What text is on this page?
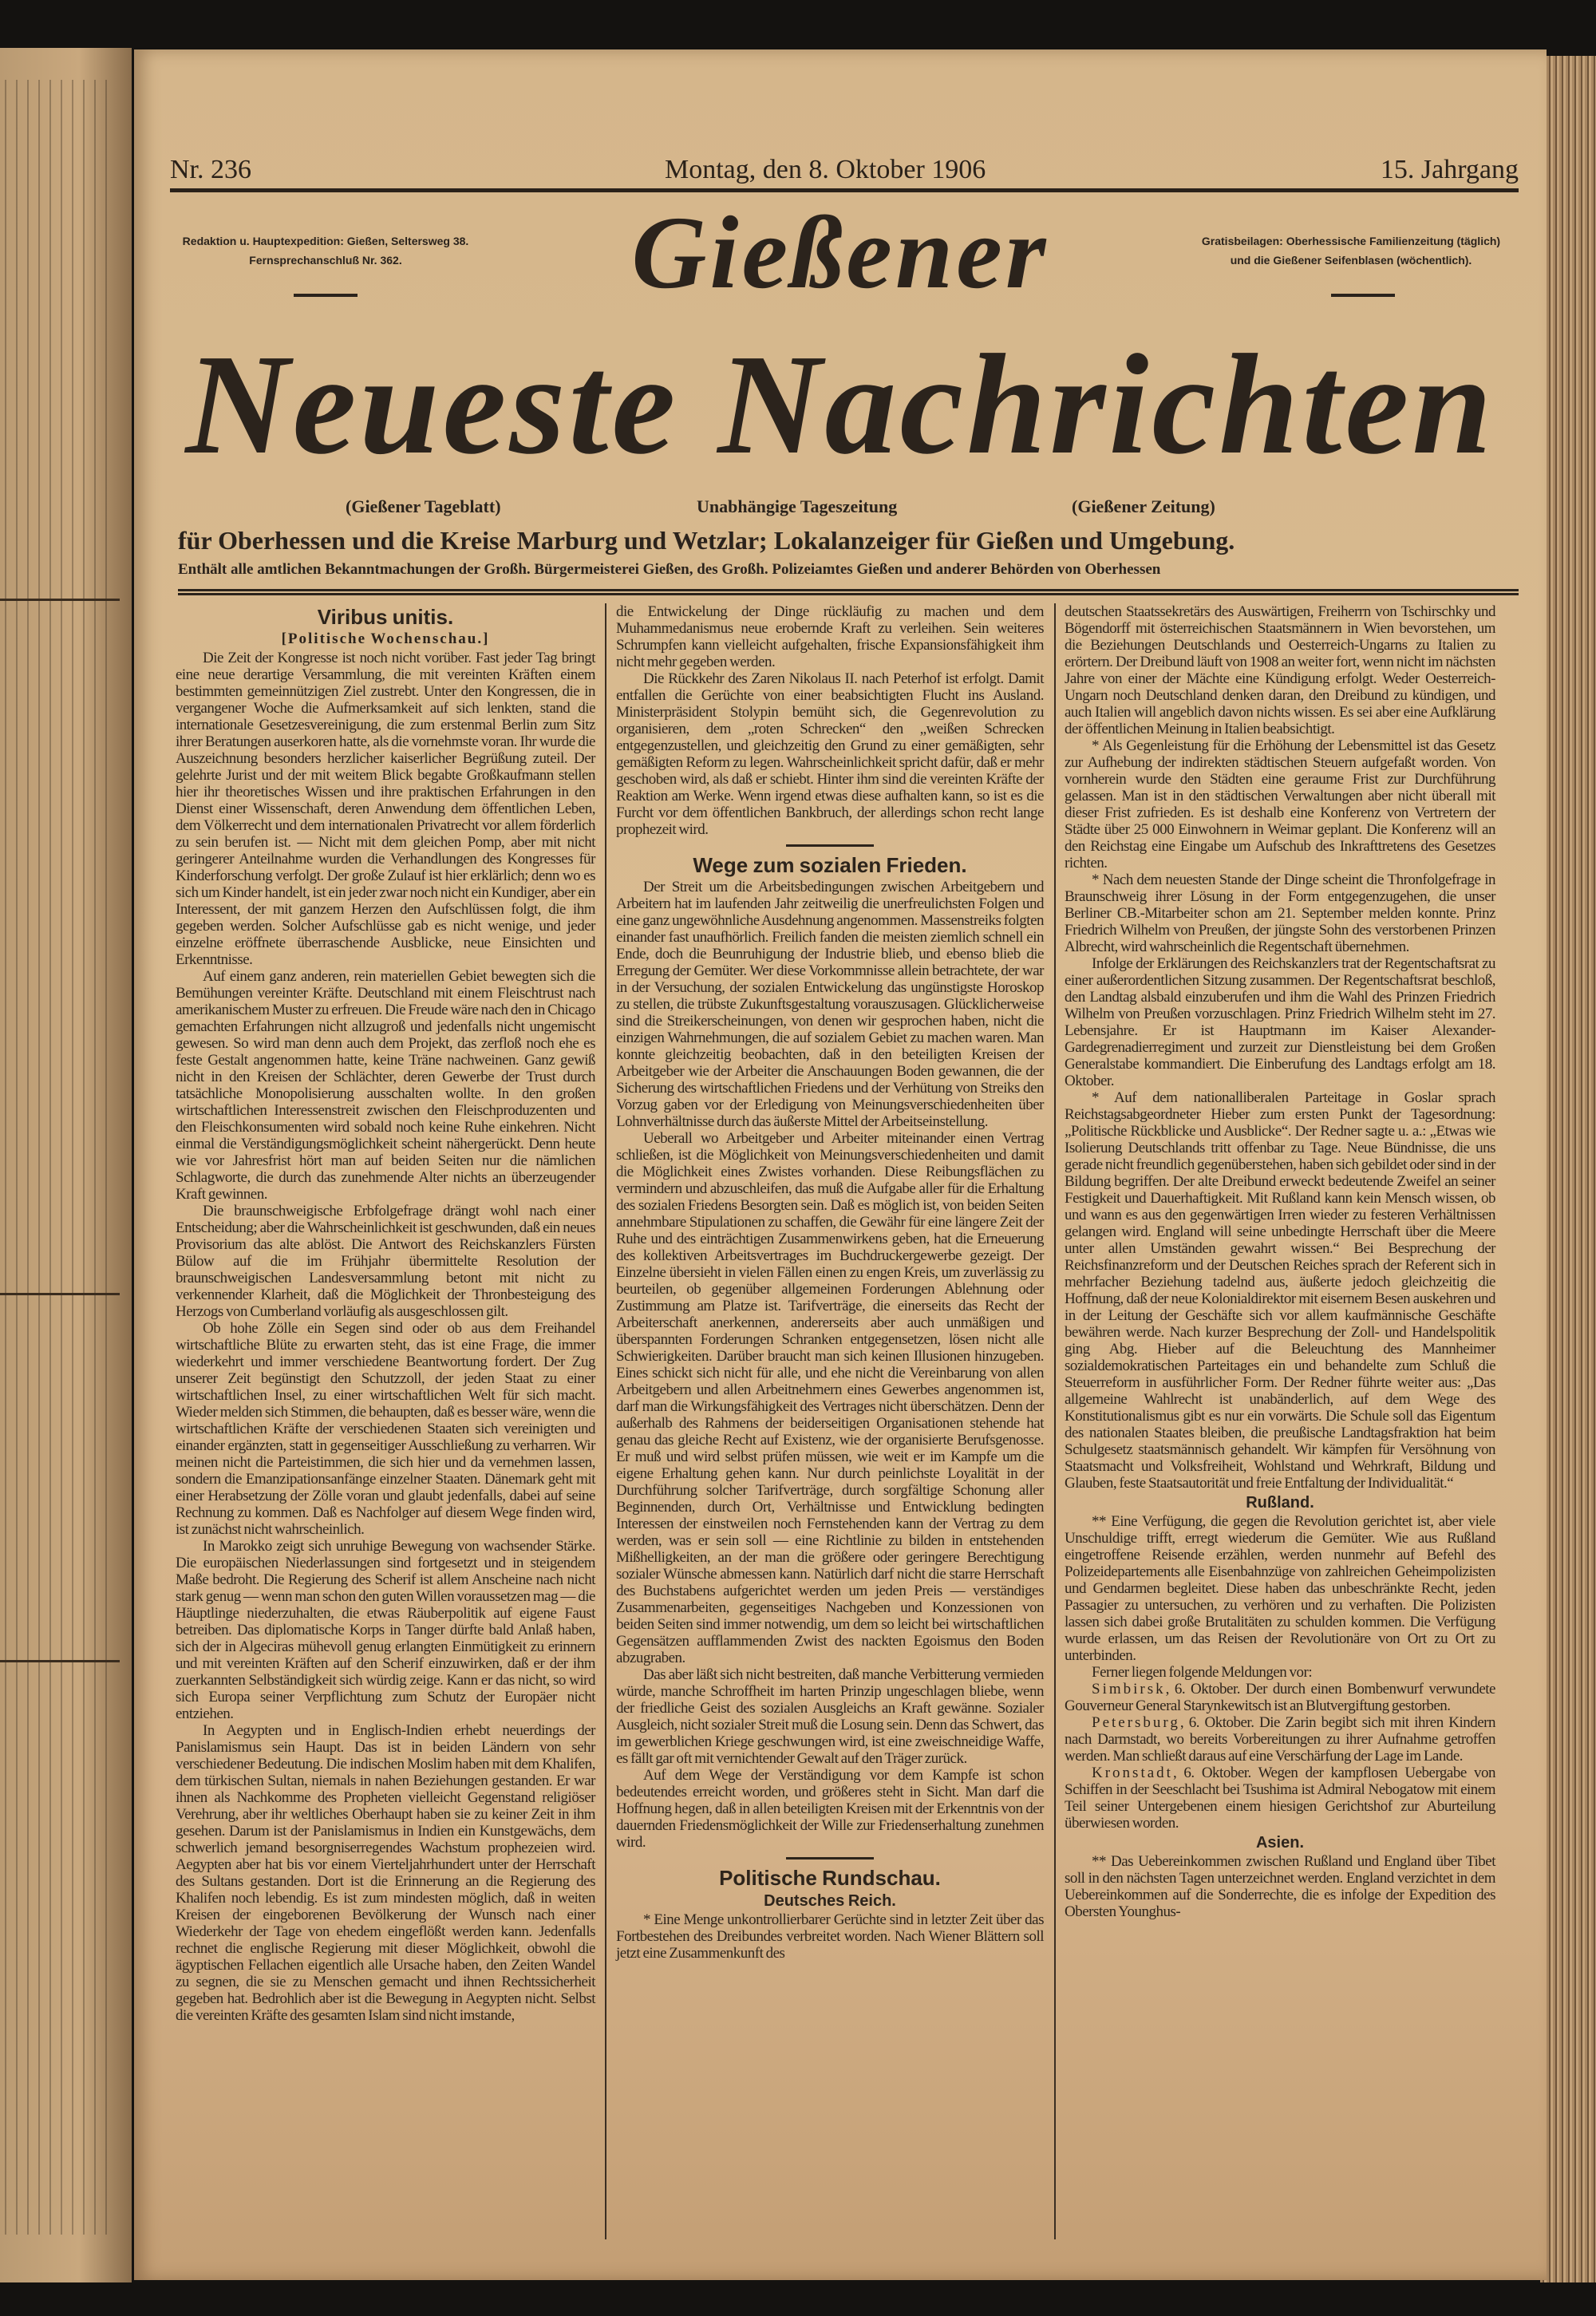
Nr. 236	Montag, den 8. Oktober 1906	15. Jahrgang
Redaktion u. Hauptexpedition: Gießen, Seltersweg 38.
Fernsprechanschluß Nr. 362.	Gießener	Gratisbeilagen: Oberhessische Familienzeitung (täglich)
und die Gießener Seifenblasen (wöchentlich).
Neueste Nachrichten
(Gießener Tageblatt)	Unabhängige Tageszeitung	(Gießener Zeitung)
für Oberhessen und die Kreise Marburg und Wetzlar; Lokalanzeiger für Gießen und Umgebung.
Enthält alle amtlichen Bekanntmachungen der Großh. Bürgermeisterei Gießen, des Großh. Polizeiamtes Gießen und anderer Behörden von Oberhessen
Viribus unitis.
[Politische Wochenschau.]

Die Zeit der Kongresse ist noch nicht vorüber. Fast jeder Tag bringt eine neue derartige Versammlung, die mit vereinten Kräften einem bestimmten gemeinnützigen Ziel zustrebt. Unter den Kongressen, die in vergangener Woche die Aufmerksamkeit auf sich lenkten, stand die internationale Gesetzesvereinigung, die zum erstenmal Berlin zum Sitz ihrer Beratungen auserkoren hatte, als die vornehmste voran. Ihr wurde die Auszeichnung besonders herzlicher kaiserlicher Begrüßung zuteil. Der gelehrte Jurist und der mit weitem Blick begabte Großkaufmann stellen hier ihr theoretisches Wissen und ihre praktischen Erfahrungen in den Dienst einer Wissenschaft, deren Anwendung dem öffentlichen Leben, dem Völkerrecht und dem internationalen Privatrecht vor allem förderlich zu sein berufen ist. — Nicht mit dem gleichen Pomp, aber mit nicht geringerer Anteilnahme wurden die Verhandlungen des Kongresses für Kinderforschung verfolgt. Der große Zulauf ist hier erklärlich; denn wo es sich um Kinder handelt, ist ein jeder zwar noch nicht ein Kundiger, aber ein Interessent, der mit ganzem Herzen den Aufschlüssen folgt, die ihm gegeben werden. Solcher Aufschlüsse gab es nicht wenige, und jeder einzelne eröffnete überraschende Ausblicke, neue Einsichten und Erkenntnisse.

Auf einem ganz anderen, rein materiellen Gebiet bewegten sich die Bemühungen vereinter Kräfte. Deutschland mit einem Fleischtrust nach amerikanischem Muster zu erfreuen. Die Freude wäre nach den in Chicago gemachten Erfahrungen nicht allzugroß und jedenfalls nicht ungemischt gewesen. So wird man denn auch dem Projekt, das zerfloß noch ehe es feste Gestalt angenommen hatte, keine Träne nachweinen. Ganz gewiß nicht in den Kreisen der Schlächter, deren Gewerbe der Trust durch tatsächliche Monopolisierung ausschalten wollte. In den großen wirtschaftlichen Interessenstreit zwischen den Fleischproduzenten und den Fleischkonsumenten wird sobald noch keine Ruhe einkehren. Nicht einmal die Verständigungsmöglichkeit scheint nähergerückt. Denn heute wie vor Jahresfrist hört man auf beiden Seiten nur die nämlichen Schlagworte, die durch das zunehmende Alter nichts an überzeugender Kraft gewinnen.

Die braunschweigische Erbfolgefrage drängt wohl nach einer Entscheidung; aber die Wahrscheinlichkeit ist geschwunden, daß ein neues Provisorium das alte ablöst. Die Antwort des Reichskanzlers Fürsten Bülow auf die im Frühjahr übermittelte Resolution der braunschweigischen Landesversammlung betont mit nicht zu verkennender Klarheit, daß die Möglichkeit der Thronbesteigung des Herzogs von Cumberland vorläufig als ausgeschlossen gilt.

Ob hohe Zölle ein Segen sind oder ob aus dem Freihandel wirtschaftliche Blüte zu erwarten steht, das ist eine Frage, die immer wiederkehrt und immer verschiedene Beantwortung fordert. Der Zug unserer Zeit begünstigt den Schutzzoll, der jeden Staat zu einer wirtschaftlichen Insel, zu einer wirtschaftlichen Welt für sich macht. Wieder melden sich Stimmen, die behaupten, daß es besser wäre, wenn die wirtschaftlichen Kräfte der verschiedenen Staaten sich vereinigten und einander ergänzten, statt in gegenseitiger Ausschließung zu verharren. Wir meinen nicht die Parteistimmen, die sich hier und da vernehmen lassen, sondern die Emanzipationsanfänge einzelner Staaten. Dänemark geht mit einer Herabsetzung der Zölle voran und glaubt jedenfalls, dabei auf seine Rechnung zu kommen. Daß es Nachfolger auf diesem Wege finden wird, ist zunächst nicht wahrscheinlich.

In Marokko zeigt sich unruhige Bewegung von wachsender Stärke. Die europäischen Niederlassungen sind fortgesetzt und in steigendem Maße bedroht. Die Regierung des Scherif ist allem Anscheine nach nicht stark genug — wenn man schon den guten Willen voraussetzen mag — die Häuptlinge niederzuhalten, die etwas Räuberpolitik auf eigene Faust betreiben. Das diplomatische Korps in Tanger dürfte bald Anlaß haben, sich der in Algeciras mühevoll genug erlangten Einmütigkeit zu erinnern und mit vereinten Kräften auf den Scherif einzuwirken, daß er der ihm zuerkannten Selbständigkeit sich würdig zeige. Kann er das nicht, so wird sich Europa seiner Verpflichtung zum Schutz der Europäer nicht entziehen.

In Aegypten und in Englisch-Indien erhebt neuerdings der Panislamismus sein Haupt. Das ist in beiden Ländern von sehr verschiedener Bedeutung. Die indischen Moslim haben mit dem Khalifen, dem türkischen Sultan, niemals in nahen Beziehungen gestanden. Er war ihnen als Nachkomme des Propheten vielleicht Gegenstand religiöser Verehrung, aber ihr weltliches Oberhaupt haben sie zu keiner Zeit in ihm gesehen. Darum ist der Panislamismus in Indien ein Kunstgewächs, dem schwerlich jemand besorgniserregendes Wachstum prophezeien wird. Aegypten aber hat bis vor einem Vierteljahrhundert unter der Herrschaft des Sultans gestanden. Dort ist die Erinnerung an die Regierung des Khalifen noch lebendig. Es ist zum mindesten möglich, daß in weiten Kreisen der eingeborenen Bevölkerung der Wunsch nach einer Wiederkehr der Tage von ehedem eingeflößt werden kann. Jedenfalls rechnet die englische Regierung mit dieser Möglichkeit, obwohl die ägyptischen Fellachen eigentlich alle Ursache haben, den Zeiten Wandel zu segnen, die sie zu Menschen gemacht und ihnen Rechtssicherheit gegeben hat. Bedrohlich aber ist die Bewegung in Aegypten nicht. Selbst die vereinten Kräfte des gesamten Islam sind nicht imstande,

die Entwickelung der Dinge rückläufig zu machen und dem Muhammedanismus neue erobernde Kraft zu verleihen. Sein weiteres Schrumpfen kann vielleicht aufgehalten, frische Expansionsfähigkeit ihm nicht mehr gegeben werden.

Die Rückkehr des Zaren Nikolaus II. nach Peterhof ist erfolgt. Damit entfallen die Gerüchte von einer beabsichtigten Flucht ins Ausland. Ministerpräsident Stolypin bemüht sich, die Gegenrevolution zu organisieren, dem „roten Schrecken“ den „weißen Schrecken entgegenzustellen, und gleichzeitig den Grund zu einer gemäßigten, sehr gemäßigten Reform zu legen. Wahrscheinlichkeit spricht dafür, daß er mehr geschoben wird, als daß er schiebt. Hinter ihm sind die vereinten Kräfte der Reaktion am Werke. Wenn irgend etwas diese aufhalten kann, so ist es die Furcht vor dem öffentlichen Bankbruch, der allerdings schon recht lange prophezeit wird.

Wege zum sozialen Frieden.

Der Streit um die Arbeitsbedingungen zwischen Arbeitgebern und Arbeitern hat im laufenden Jahr zeitweilig die unerfreulichsten Folgen und eine ganz ungewöhnliche Ausdehnung angenommen. Massenstreiks folgten einander fast unaufhörlich. Freilich fanden die meisten ziemlich schnell ein Ende, doch die Beunruhigung der Industrie blieb, und ebenso blieb die Erregung der Gemüter. Wer diese Vorkommnisse allein betrachtete, der war in der Versuchung, der sozialen Entwickelung das ungünstigste Horoskop zu stellen, die trübste Zukunftsgestaltung vorauszusagen. Glücklicherweise sind die Streikerscheinungen, von denen wir gesprochen haben, nicht die einzigen Wahrnehmungen, die auf sozialem Gebiet zu machen waren. Man konnte gleichzeitig beobachten, daß in den beteiligten Kreisen der Arbeitgeber wie der Arbeiter die Anschauungen Boden gewannen, die der Sicherung des wirtschaftlichen Friedens und der Verhütung von Streiks den Vorzug gaben vor der Erledigung von Meinungsverschiedenheiten über Lohnverhältnisse durch das äußerste Mittel der Arbeitseinstellung.

Ueberall wo Arbeitgeber und Arbeiter miteinander einen Vertrag schließen, ist die Möglichkeit von Meinungsverschiedenheiten und damit die Möglichkeit eines Zwistes vorhanden. Diese Reibungsflächen zu vermindern und abzuschleifen, das muß die Aufgabe aller für die Erhaltung des sozialen Friedens Besorgten sein. Daß es möglich ist, von beiden Seiten annehmbare Stipulationen zu schaffen, die Gewähr für eine längere Zeit der Ruhe und des einträchtigen Zusammenwirkens geben, hat die Erneuerung des kollektiven Arbeitsvertrages im Buchdruckergewerbe gezeigt. Der Einzelne übersieht in vielen Fällen einen zu engen Kreis, um zuverlässig zu beurteilen, ob gegenüber allgemeinen Forderungen Ablehnung oder Zustimmung am Platze ist. Tarifverträge, die einerseits das Recht der Arbeiterschaft anerkennen, andererseits aber auch unmäßigen und überspannten Forderungen Schranken entgegensetzen, lösen nicht alle Schwierigkeiten. Darüber braucht man sich keinen Illusionen hinzugeben. Eines schickt sich nicht für alle, und ehe nicht die Vereinbarung von allen Arbeitgebern und allen Arbeitnehmern eines Gewerbes angenommen ist, darf man die Wirkungsfähigkeit des Vertrages nicht überschätzen. Denn der außerhalb des Rahmens der beiderseitigen Organisationen stehende hat genau das gleiche Recht auf Existenz, wie der organisierte Berufsgenosse. Er muß und wird selbst prüfen müssen, wie weit er im Kampfe um die eigene Erhaltung gehen kann. Nur durch peinlichste Loyalität in der Durchführung solcher Tarifverträge, durch sorgfältige Schonung aller Beginnenden, durch Ort, Verhältnisse und Entwicklung bedingten Interessen der einstweilen noch Fernstehenden kann der Vertrag zu dem werden, was er sein soll — eine Richtlinie zu bilden in entstehenden Mißhelligkeiten, an der man die größere oder geringere Berechtigung sozialer Wünsche abmessen kann. Natürlich darf nicht die starre Herrschaft des Buchstabens aufgerichtet werden um jeden Preis — verständiges Zusammenarbeiten, gegenseitiges Nachgeben und Konzessionen von beiden Seiten sind immer notwendig, um dem so leicht bei wirtschaftlichen Gegensätzen aufflammenden Zwist des nackten Egoismus den Boden abzugraben.

Das aber läßt sich nicht bestreiten, daß manche Verbitterung vermieden würde, manche Schroffheit im harten Prinzip ungeschlagen bliebe, wenn der friedliche Geist des sozialen Ausgleichs an Kraft gewänne. Sozialer Ausgleich, nicht sozialer Streit muß die Losung sein. Denn das Schwert, das im gewerblichen Kriege geschwungen wird, ist eine zweischneidige Waffe, es fällt gar oft mit vernichtender Gewalt auf den Träger zurück.

Auf dem Wege der Verständigung vor dem Kampfe ist schon bedeutendes erreicht worden, und größeres steht in Sicht. Man darf die Hoffnung hegen, daß in allen beteiligten Kreisen mit der Erkenntnis von der dauernden Friedensmöglichkeit der Wille zur Friedenserhaltung zunehmen wird.

Politische Rundschau.
Deutsches Reich.

* Eine Menge unkontrollierbarer Gerüchte sind in letzter Zeit über das Fortbestehen des Dreibundes verbreitet worden. Nach Wiener Blättern soll jetzt eine Zusammenkunft des

deutschen Staatssekretärs des Auswärtigen, Freiherrn von Tschirschky und Bögendorff mit österreichischen Staatsmännern in Wien bevorstehen, um die Beziehungen Deutschlands und Oesterreich-Ungarns zu Italien zu erörtern. Der Dreibund läuft von 1908 an weiter fort, wenn nicht im nächsten Jahre von einer der Mächte eine Kündigung erfolgt. Weder Oesterreich-Ungarn noch Deutschland denken daran, den Dreibund zu kündigen, und auch Italien will angeblich davon nichts wissen. Es sei aber eine Aufklärung der öffentlichen Meinung in Italien beabsichtigt.

* Als Gegenleistung für die Erhöhung der Lebensmittel ist das Gesetz zur Aufhebung der indirekten städtischen Steuern aufgefaßt worden. Von vornherein wurde den Städten eine geraume Frist zur Durchführung gelassen. Man ist in den städtischen Verwaltungen aber nicht überall mit dieser Frist zufrieden. Es ist deshalb eine Konferenz von Vertretern der Städte über 25 000 Einwohnern in Weimar geplant. Die Konferenz will an den Reichstag eine Eingabe um Aufschub des Inkrafttretens des Gesetzes richten.

* Nach dem neuesten Stande der Dinge scheint die Thronfolgefrage in Braunschweig ihrer Lösung in der Form entgegenzugehen, die unser Berliner CB.-Mitarbeiter schon am 21. September melden konnte. Prinz Friedrich Wilhelm von Preußen, der jüngste Sohn des verstorbenen Prinzen Albrecht, wird wahrscheinlich die Regentschaft übernehmen.

Infolge der Erklärungen des Reichskanzlers trat der Regentschaftsrat zu einer außerordentlichen Sitzung zusammen. Der Regentschaftsrat beschloß, den Landtag alsbald einzuberufen und ihm die Wahl des Prinzen Friedrich Wilhelm von Preußen vorzuschlagen. Prinz Friedrich Wilhelm steht im 27. Lebensjahre. Er ist Hauptmann im Kaiser Alexander-Gardegrenadierregiment und zurzeit zur Dienstleistung bei dem Großen Generalstabe kommandiert. Die Einberufung des Landtags erfolgt am 18. Oktober.

* Auf dem nationalliberalen Parteitage in Goslar sprach Reichstagsabgeordneter Hieber zum ersten Punkt der Tagesordnung: „Politische Rückblicke und Ausblicke“. Der Redner sagte u. a.: „Etwas wie Isolierung Deutschlands tritt offenbar zu Tage. Neue Bündnisse, die uns gerade nicht freundlich gegenüberstehen, haben sich gebildet oder sind in der Bildung begriffen. Der alte Dreibund erweckt bedeutende Zweifel an seiner Festigkeit und Dauerhaftigkeit. Mit Rußland kann kein Mensch wissen, ob und wann es aus den gegenwärtigen Irren wieder zu festeren Verhältnissen gelangen wird. England will seine unbedingte Herrschaft über die Meere unter allen Umständen gewahrt wissen.“ Bei Besprechung der Reichsfinanzreform und der Deutschen Reiches sprach der Referent sich in mehrfacher Beziehung tadelnd aus, äußerte jedoch gleichzeitig die Hoffnung, daß der neue Kolonialdirektor mit eisernem Besen auskehren und in der Leitung der Geschäfte sich vor allem kaufmännische Geschäfte bewähren werde. Nach kurzer Besprechung der Zoll- und Handelspolitik ging Abg. Hieber auf die Beleuchtung des Mannheimer sozialdemokratischen Parteitages ein und behandelte zum Schluß die Steuerreform in ausführlicher Form. Der Redner führte weiter aus: „Das allgemeine Wahlrecht ist unabänderlich, auf dem Wege des Konstitutionalismus gibt es nur ein vorwärts. Die Schule soll das Eigentum des nationalen Staates bleiben, die preußische Landtagsfraktion hat beim Schulgesetz staatsmännisch gehandelt. Wir kämpfen für Versöhnung von Staatsmacht und Volksfreiheit, Wohlstand und Wehrkraft, Bildung und Glauben, feste Staatsautorität und freie Entfaltung der Individualität.“

Rußland.

** Eine Verfügung, die gegen die Revolution gerichtet ist, aber viele Unschuldige trifft, erregt wiederum die Gemüter. Wie aus Rußland eingetroffene Reisende erzählen, werden nunmehr auf Befehl des Polizeidepartements alle Eisenbahnzüge von zahlreichen Geheimpolizisten und Gendarmen begleitet. Diese haben das unbeschränkte Recht, jeden Passagier zu untersuchen, zu verhören und zu verhaften. Die Polizisten lassen sich dabei große Brutalitäten zu schulden kommen. Die Verfügung wurde erlassen, um das Reisen der Revolutionäre von Ort zu Ort zu unterbinden.

Ferner liegen folgende Meldungen vor:

Simbirsk, 6. Oktober. Der durch einen Bombenwurf verwundete Gouverneur General Starynkewitsch ist an Blutvergiftung gestorben.

Petersburg, 6. Oktober. Die Zarin begibt sich mit ihren Kindern nach Darmstadt, wo bereits Vorbereitungen zu ihrer Aufnahme getroffen werden. Man schließt daraus auf eine Verschärfung der Lage im Lande.

Kronstadt, 6. Oktober. Wegen der kampflosen Uebergabe von Schiffen in der Seeschlacht bei Tsushima ist Admiral Nebogatow mit einem Teil seiner Untergebenen einem hiesigen Gerichtshof zur Aburteilung überwiesen worden.

Asien.

** Das Uebereinkommen zwischen Rußland und England über Tibet soll in den nächsten Tagen unterzeichnet werden. England verzichtet in dem Uebereinkommen auf die Sonderrechte, die es infolge der Expedition des Obersten Younghus-
